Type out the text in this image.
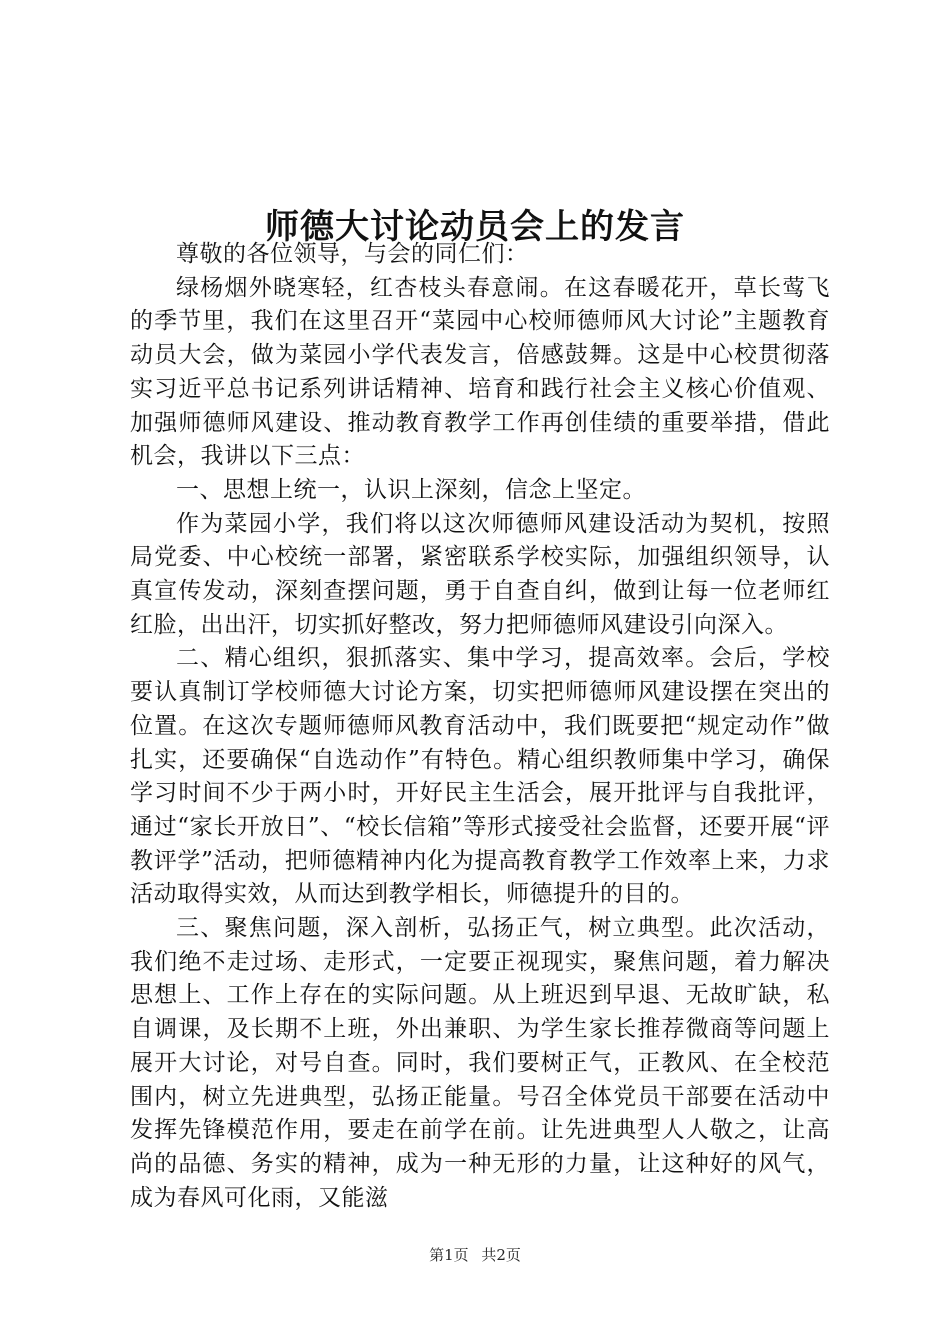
师德大讨论动员会上的发言

尊敬的各位领导，与会的同仁们：

绿杨烟外晓寒轻，红杏枝头春意闹。在这春暖花开，草长莺飞的季节里，我们在这里召开“菜园中心校师德师风大讨论”主题教育动员大会，做为菜园小学代表发言，倍感鼓舞。这是中心校贯彻落实习近平总书记系列讲话精神、培育和践行社会主义核心价值观、加强师德师风建设、推动教育教学工作再创佳绩的重要举措，借此机会，我讲以下三点：

一、思想上统一，认识上深刻，信念上坚定。

作为菜园小学，我们将以这次师德师风建设活动为契机，按照局党委、中心校统一部署，紧密联系学校实际，加强组织领导，认真宣传发动，深刻查摆问题，勇于自查自纠，做到让每一位老师红红脸，出出汗，切实抓好整改，努力把师德师风建设引向深入。

二、精心组织，狠抓落实、集中学习，提高效率。会后，学校要认真制订学校师德大讨论方案，切实把师德师风建设摆在突出的位置。在这次专题师德师风教育活动中，我们既要把“规定动作”做扎实，还要确保“自选动作”有特色。精心组织教师集中学习，确保学习时间不少于两小时，开好民主生活会，展开批评与自我批评，通过“家长开放日”、“校长信箱”等形式接受社会监督，还要开展“评教评学”活动，把师德精神内化为提高教育教学工作效率上来，力求活动取得实效，从而达到教学相长，师德提升的目的。

三、聚焦问题，深入剖析，弘扬正气，树立典型。此次活动，我们绝不走过场、走形式，一定要正视现实，聚焦问题，着力解决思想上、工作上存在的实际问题。从上班迟到早退、无故旷缺，私自调课，及长期不上班，外出兼职、为学生家长推荐微商等问题上展开大讨论，对号自查。同时，我们要树正气，正教风、在全校范围内，树立先进典型，弘扬正能量。号召全体党员干部要在活动中发挥先锋模范作用，要走在前学在前。让先进典型人人敬之，让高尚的品德、务实的精神，成为一种无形的力量，让这种好的风气，成为春风可化雨，又能滋

第1页 共2页
